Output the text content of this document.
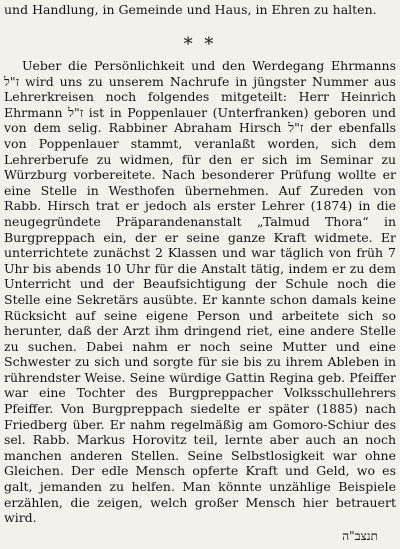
und Handlung, in Gemeinde und Haus, in Ehren zu halten.
* *

Ueber die Persönlichkeit und den Werdegang Ehrmanns ז"ל wird uns zu unserem Nachrufe in jüngster Nummer aus Lehrerkreisen noch folgendes mitgeteilt: Herr Heinrich Ehrmann ז"ל ist in Poppenlauer (Unterfranken) geboren und von dem selig. Rabbiner Abraham Hirsch ז"ל der ebenfalls von Poppenlauer stammt, veranlaßt worden, sich dem Lehrerberufe zu widmen, für den er sich im Seminar zu Würzburg vorbereitete. Nach besonderer Prüfung wollte er eine Stelle in Westhofen übernehmen. Auf Zureden von Rabb. Hirsch trat er jedoch als erster Lehrer (1874) in die neugegründete Präparandenanstalt „Talmud Thora“ in Burgpreppach ein, der er seine ganze Kraft widmete. Er unterrichtete zunächst 2 Klassen und war täglich von früh 7 Uhr bis abends 10 Uhr für die Anstalt tätig, indem er zu dem Unterricht und der Beaufsichtigung der Schule noch die Stelle eine Sekretärs ausübte. Er kannte schon damals keine Rücksicht auf seine eigene Person und arbeitete sich so herunter, daß der Arzt ihm dringend riet, eine andere Stelle zu suchen. Dabei nahm er noch seine Mutter und eine Schwester zu sich und sorgte für sie bis zu ihrem Ableben in rührendster Weise. Seine würdige Gattin Regina geb. Pfeiffer war eine Tochter des Burgpreppacher Volksschullehrers Pfeiffer. Von Burgpreppach siedelte er später (1885) nach Friedberg über. Er nahm regelmäßig am Gomoro-Schiur des sel. Rabb. Markus Horovitz teil, lernte aber auch an noch manchen anderen Stellen. Seine Selbstlosigkeit war ohne Gleichen. Der edle Mensch opferte Kraft und Geld, wo es galt, jemanden zu helfen. Man könnte unzählige Beispiele erzählen, die zeigen, welch großer Mensch hier betrauert wird.

תנצב"ה
